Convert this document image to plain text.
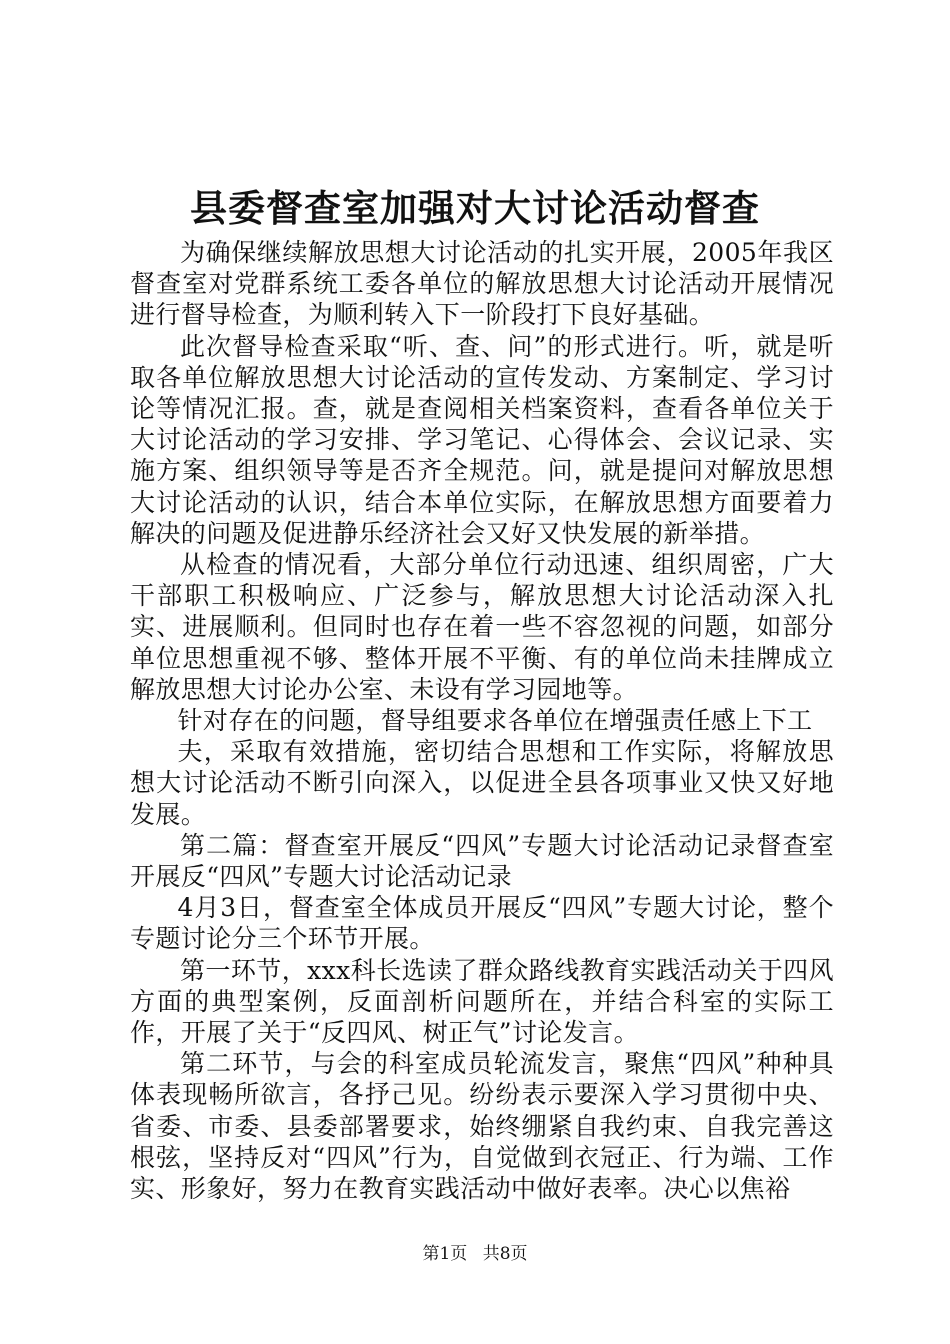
县委督查室加强对大讨论活动督查

为确保继续解放思想大讨论活动的扎实开展，2005年我区督查室对党群系统工委各单位的解放思想大讨论活动开展情况进行督导检查，为顺利转入下一阶段打下良好基础。

此次督导检查采取“听、查、问”的形式进行。听，就是听取各单位解放思想大讨论活动的宣传发动、方案制定、学习讨论等情况汇报。查，就是查阅相关档案资料，查看各单位关于大讨论活动的学习安排、学习笔记、心得体会、会议记录、实施方案、组织领导等是否齐全规范。问，就是提问对解放思想大讨论活动的认识，结合本单位实际，在解放思想方面要着力解决的问题及促进静乐经济社会又好又快发展的新举措。

从检查的情况看，大部分单位行动迅速、组织周密，广大干部职工积极响应、广泛参与，解放思想大讨论活动深入扎实、进展顺利。但同时也存在着一些不容忽视的问题，如部分单位思想重视不够、整体开展不平衡、有的单位尚未挂牌成立解放思想大讨论办公室、未设有学习园地等。

针对存在的问题，督导组要求各单位在增强责任感上下工

夫，采取有效措施，密切结合思想和工作实际，将解放思想大讨论活动不断引向深入，以促进全县各项事业又快又好地发展。

第二篇：督查室开展反“四风”专题大讨论活动记录督查室开展反“四风”专题大讨论活动记录

4月3日，督查室全体成员开展反“四风”专题大讨论，整个专题讨论分三个环节开展。

第一环节，xxx科长选读了群众路线教育实践活动关于四风方面的典型案例，反面剖析问题所在，并结合科室的实际工作，开展了关于“反四风、树正气”讨论发言。

第二环节，与会的科室成员轮流发言，聚焦“四风”种种具体表现畅所欲言，各抒己见。纷纷表示要深入学习贯彻中央、省委、市委、县委部署要求，始终绷紧自我约束、自我完善这根弦，坚持反对“四风”行为，自觉做到衣冠正、行为端、工作实、形象好，努力在教育实践活动中做好表率。决心以焦裕

第1页 共8页
